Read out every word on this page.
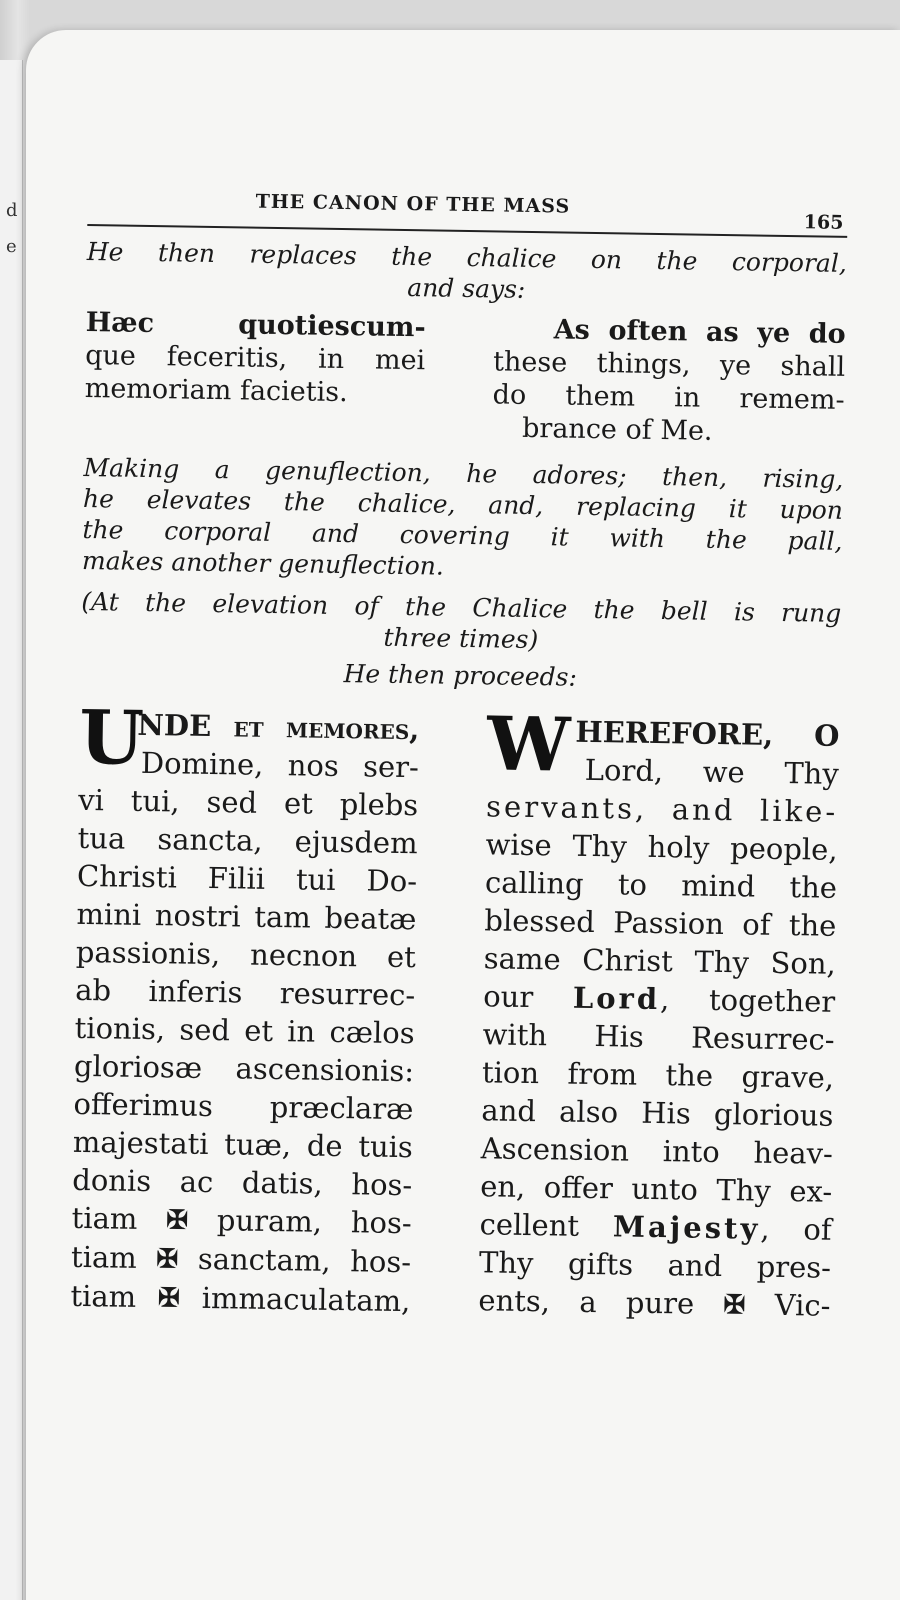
d
e
THE CANON OF THE MASS
165

He then replaces the chalice on the corporal,
and says:

Hæc quotiescum-
que feceritis, in mei
memoriam facietis.

As often as ye do
these things, ye shall
do them in remem-
brance of Me.

Making a genuflection, he adores; then, rising,
he elevates the chalice, and, replacing it upon
the corporal and covering it with the pall,
makes another genuflection.

(At the elevation of the Chalice the bell is rung
three times)

He then proceeds:

U
NDE et memores,
Domine, nos ser-
vi tui, sed et plebs
tua sancta, ejusdem
Christi Filii tui Do-
mini nostri tam beatæ
passionis, necnon et
ab inferis resurrec-
tionis, sed et in cælos
gloriosæ ascensionis:
offerimus præclaræ
majestati tuæ, de tuis
donis ac datis, hos-
tiam ✠ puram, hos-
tiam ✠ sanctam, hos-
tiam ✠ immaculatam,
W HEREFORE, O
Lord, we Thy
servants, and like-
wise Thy holy people,
calling to mind the
blessed Passion of the
same Christ Thy Son,
our Lord, together
with His Resurrec-
tion from the grave,
and also His glorious
Ascension into heav-
en, offer unto Thy ex-
cellent Majesty, of
Thy gifts and pres-
ents, a pure ✠ Vic-
